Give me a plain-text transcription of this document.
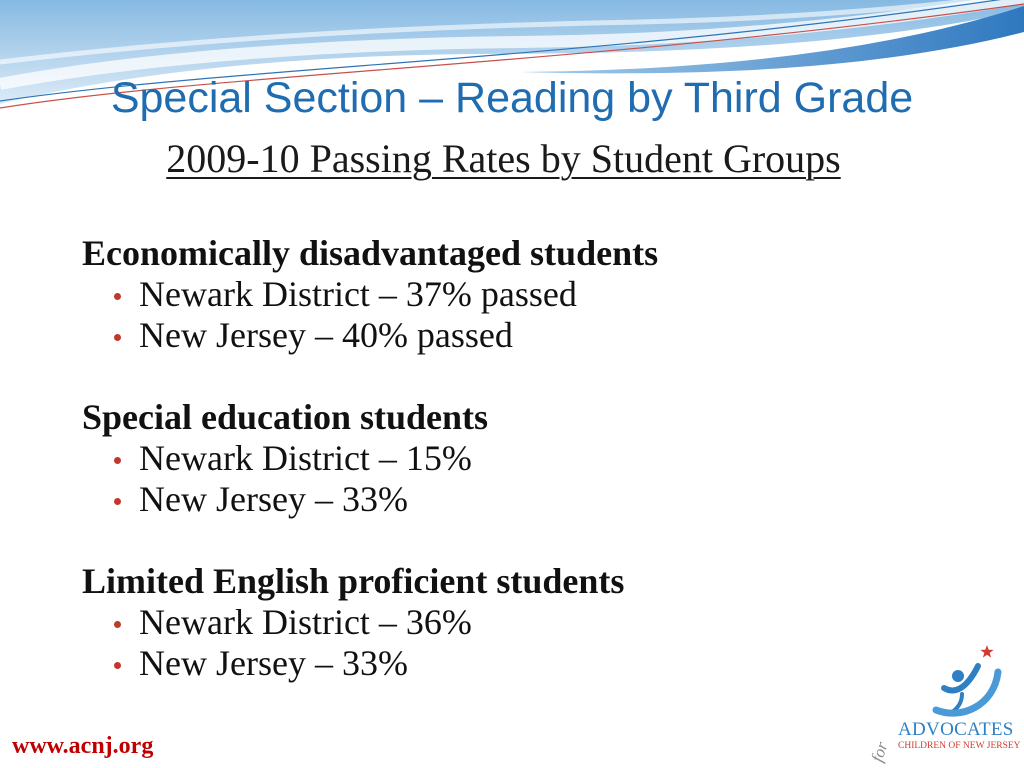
Special Section – Reading by Third Grade
2009-10 Passing Rates by Student Groups
Economically disadvantaged students
Newark District – 37% passed
New Jersey – 40% passed
Special education students
Newark District – 15%
New Jersey – 33%
Limited English proficient students
Newark District – 36%
New Jersey – 33%
www.acnj.org	for
ADVOCATES
CHILDREN OF NEW JERSEY
